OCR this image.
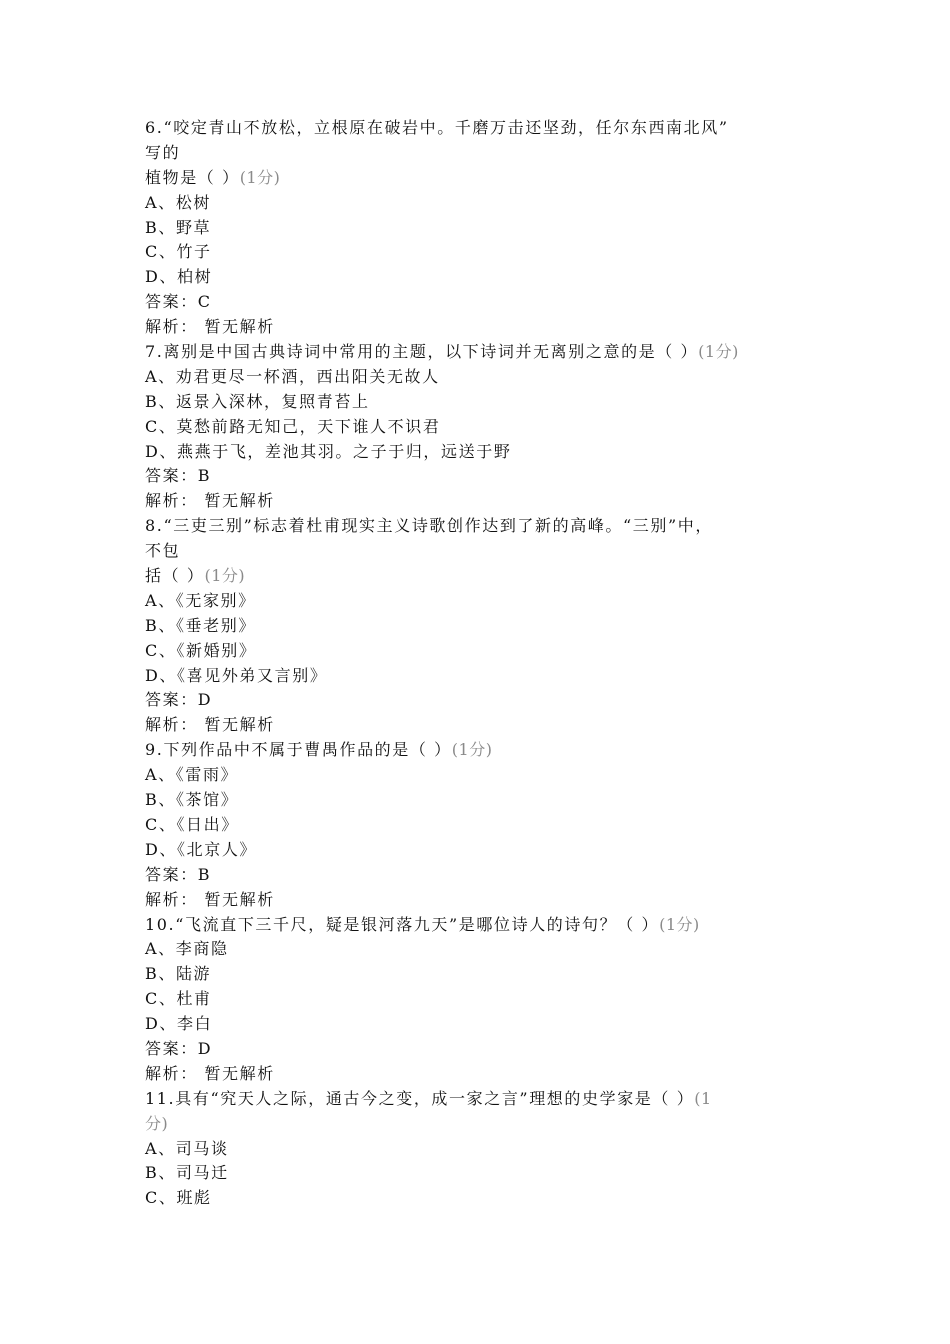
6.“咬定青山不放松，立根原在破岩中。千磨万击还坚劲，任尔东西南北风”
写的
植物是（ ）(1分)
A、松树
B、野草
C、竹子
D、柏树
答案：C
解析： 暂无解析
7.离别是中国古典诗词中常用的主题，以下诗词并无离别之意的是（ ）(1分)
A、劝君更尽一杯酒，西出阳关无故人
B、返景入深林，复照青苔上
C、莫愁前路无知己，天下谁人不识君
D、燕燕于飞，差池其羽。之子于归，远送于野
答案：B
解析： 暂无解析
8.“三吏三别”标志着杜甫现实主义诗歌创作达到了新的高峰。“三别”中，
不包
括（ ）(1分)
A、《无家别》
B、《垂老别》
C、《新婚别》
D、《喜见外弟又言别》
答案：D
解析： 暂无解析
9.下列作品中不属于曹禺作品的是（ ）(1分)
A、《雷雨》
B、《茶馆》
C、《日出》
D、《北京人》
答案：B
解析： 暂无解析
10.“飞流直下三千尺，疑是银河落九天”是哪位诗人的诗句？（ ）(1分)
A、李商隐
B、陆游
C、杜甫
D、李白
答案：D
解析： 暂无解析
11.具有“究天人之际，通古今之变，成一家之言”理想的史学家是（ ）(1
分)
A、司马谈
B、司马迁
C、班彪
